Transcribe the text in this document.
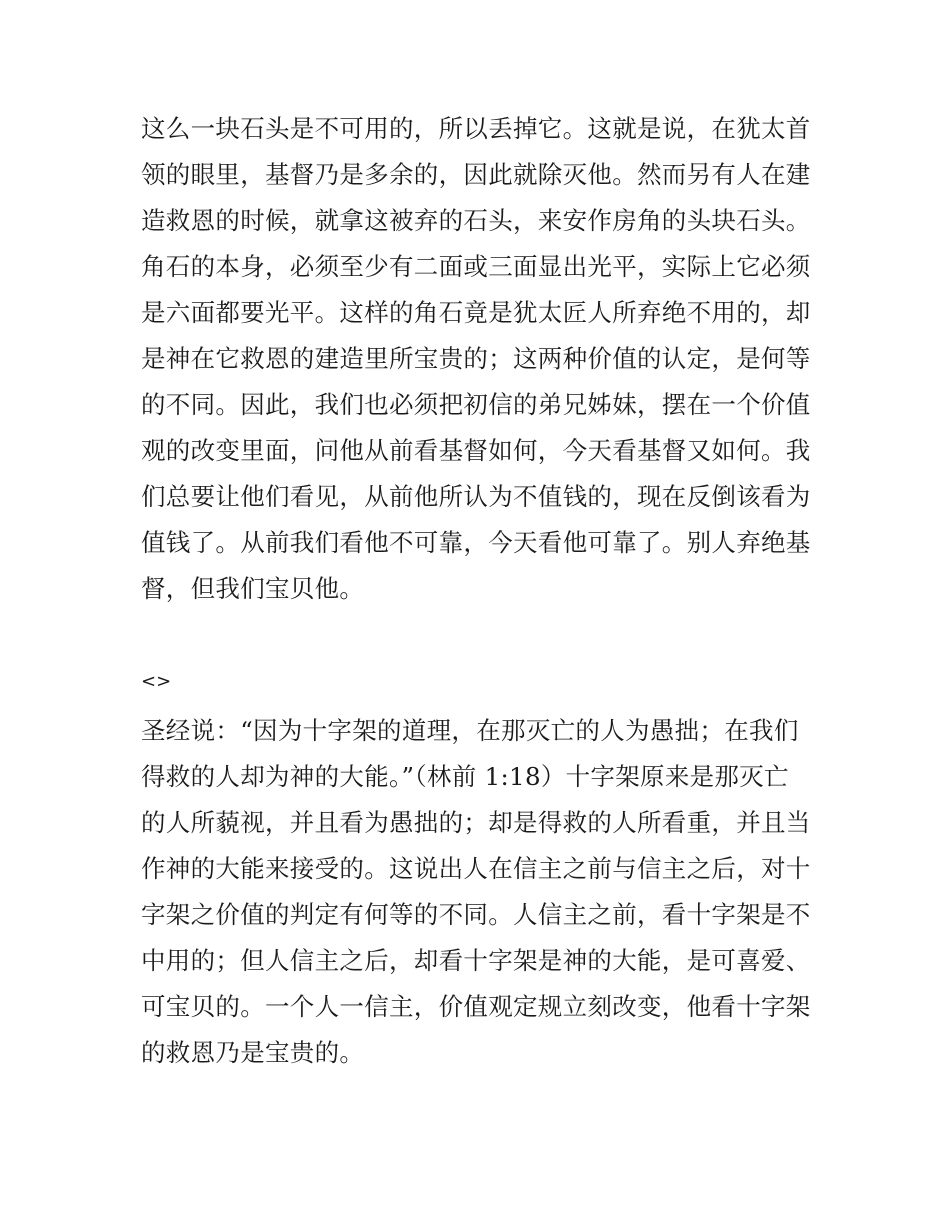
这么一块石头是不可用的，所以丢掉它。这就是说，在犹太首
领的眼里，基督乃是多余的，因此就除灭他。然而另有人在建
造救恩的时候，就拿这被弃的石头，来安作房角的头块石头。
角石的本身，必须至少有二面或三面显出光平，实际上它必须
是六面都要光平。这样的角石竟是犹太匠人所弃绝不用的，却
是神在它救恩的建造里所宝贵的；这两种价值的认定，是何等
的不同。因此，我们也必须把初信的弟兄姊妹，摆在一个价值
观的改变里面，问他从前看基督如何，今天看基督又如何。我
们总要让他们看见，从前他所认为不值钱的，现在反倒该看为
值钱了。从前我们看他不可靠，今天看他可靠了。别人弃绝基
督，但我们宝贝他。
<>
圣经说：“因为十字架的道理，在那灭亡的人为愚拙；在我们
得救的人却为神的大能。”（林前 1:18）十字架原来是那灭亡
的人所藐视，并且看为愚拙的；却是得救的人所看重，并且当
作神的大能来接受的。这说出人在信主之前与信主之后，对十
字架之价值的判定有何等的不同。人信主之前，看十字架是不
中用的；但人信主之后，却看十字架是神的大能，是可喜爱、
可宝贝的。一个人一信主，价值观定规立刻改变，他看十字架
的救恩乃是宝贵的。
